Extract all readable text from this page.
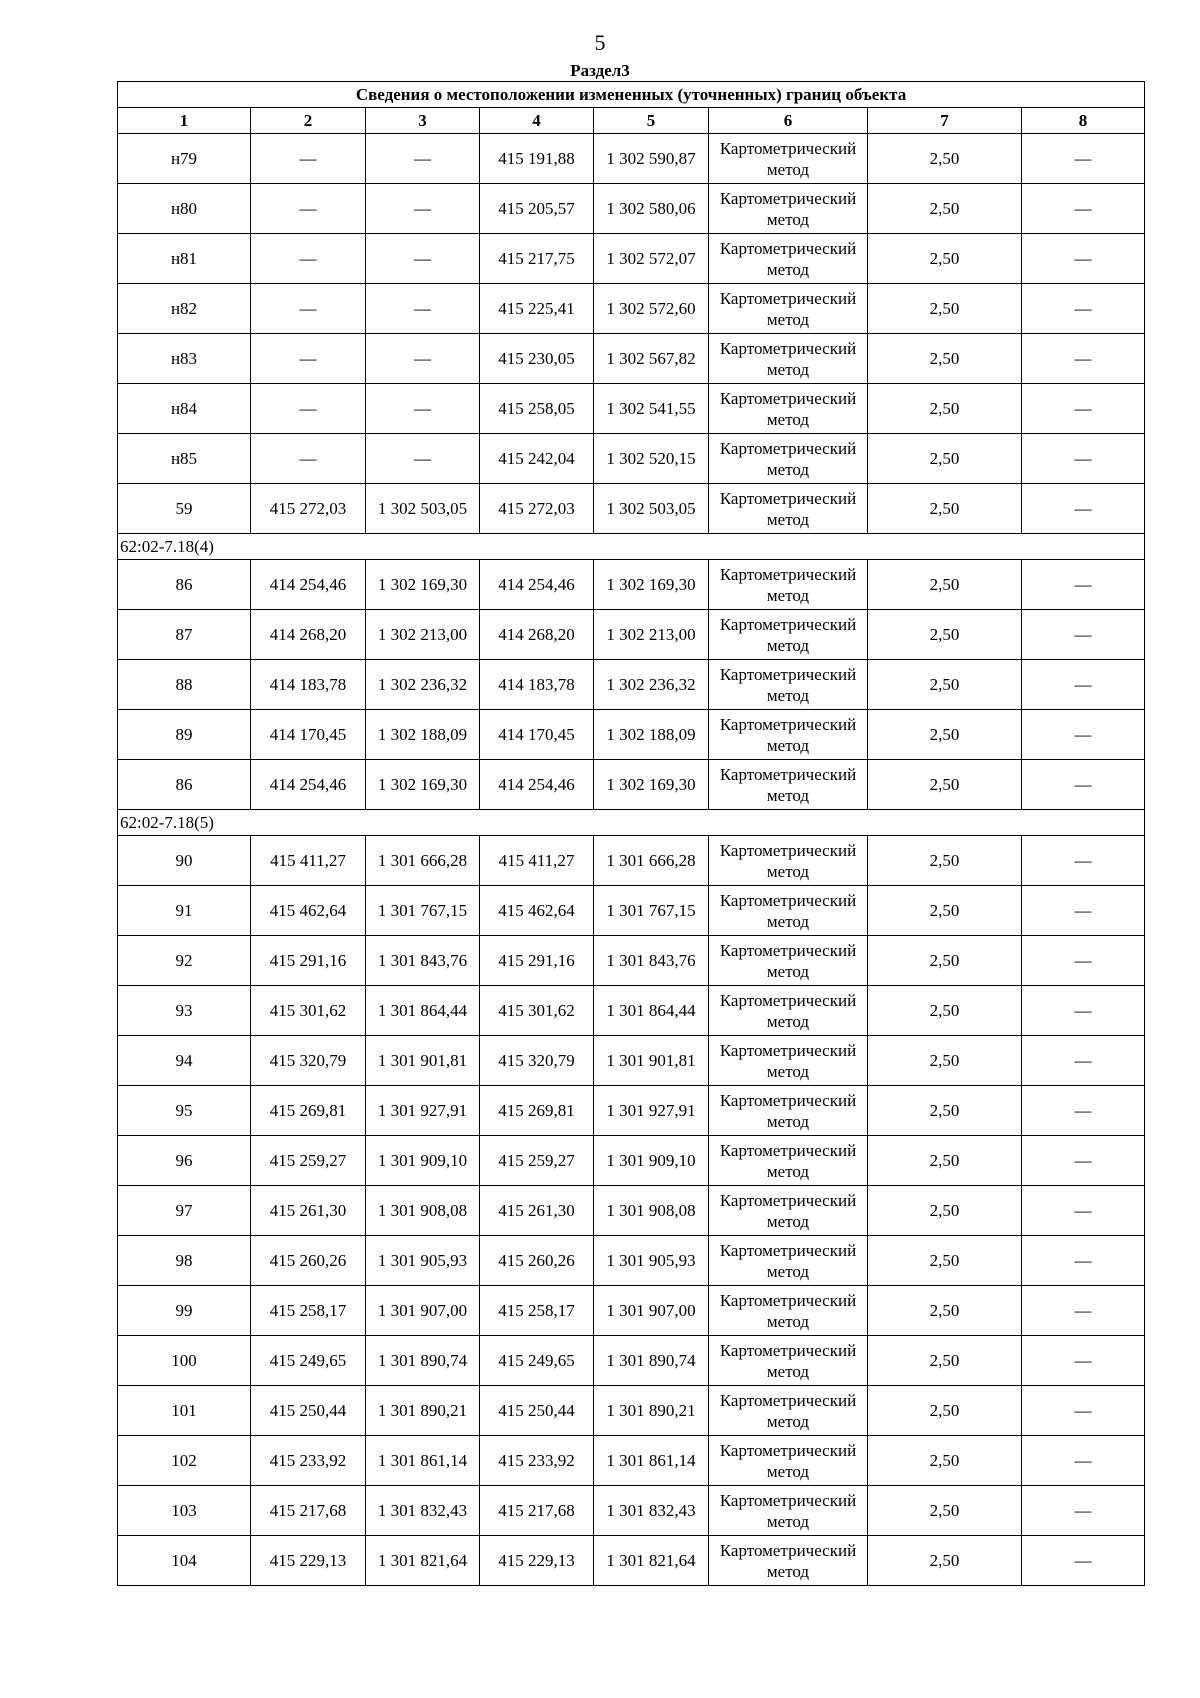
5
Раздел3
Сведения о местоположении измененных (уточненных) границ объекта							
1	2	3	4	5	6	7	8
н79	—	—	415 191,88	1 302 590,87	Картометрический метод	2,50	—
н80	—	—	415 205,57	1 302 580,06	Картометрический метод	2,50	—
н81	—	—	415 217,75	1 302 572,07	Картометрический метод	2,50	—
н82	—	—	415 225,41	1 302 572,60	Картометрический метод	2,50	—
н83	—	—	415 230,05	1 302 567,82	Картометрический метод	2,50	—
н84	—	—	415 258,05	1 302 541,55	Картометрический метод	2,50	—
н85	—	—	415 242,04	1 302 520,15	Картометрический метод	2,50	—
59	415 272,03	1 302 503,05	415 272,03	1 302 503,05	Картометрический метод	2,50	—
62:02-7.18(4)							
86	414 254,46	1 302 169,30	414 254,46	1 302 169,30	Картометрический метод	2,50	—
87	414 268,20	1 302 213,00	414 268,20	1 302 213,00	Картометрический метод	2,50	—
88	414 183,78	1 302 236,32	414 183,78	1 302 236,32	Картометрический метод	2,50	—
89	414 170,45	1 302 188,09	414 170,45	1 302 188,09	Картометрический метод	2,50	—
86	414 254,46	1 302 169,30	414 254,46	1 302 169,30	Картометрический метод	2,50	—
62:02-7.18(5)							
90	415 411,27	1 301 666,28	415 411,27	1 301 666,28	Картометрический метод	2,50	—
91	415 462,64	1 301 767,15	415 462,64	1 301 767,15	Картометрический метод	2,50	—
92	415 291,16	1 301 843,76	415 291,16	1 301 843,76	Картометрический метод	2,50	—
93	415 301,62	1 301 864,44	415 301,62	1 301 864,44	Картометрический метод	2,50	—
94	415 320,79	1 301 901,81	415 320,79	1 301 901,81	Картометрический метод	2,50	—
95	415 269,81	1 301 927,91	415 269,81	1 301 927,91	Картометрический метод	2,50	—
96	415 259,27	1 301 909,10	415 259,27	1 301 909,10	Картометрический метод	2,50	—
97	415 261,30	1 301 908,08	415 261,30	1 301 908,08	Картометрический метод	2,50	—
98	415 260,26	1 301 905,93	415 260,26	1 301 905,93	Картометрический метод	2,50	—
99	415 258,17	1 301 907,00	415 258,17	1 301 907,00	Картометрический метод	2,50	—
100	415 249,65	1 301 890,74	415 249,65	1 301 890,74	Картометрический метод	2,50	—
101	415 250,44	1 301 890,21	415 250,44	1 301 890,21	Картометрический метод	2,50	—
102	415 233,92	1 301 861,14	415 233,92	1 301 861,14	Картометрический метод	2,50	—
103	415 217,68	1 301 832,43	415 217,68	1 301 832,43	Картометрический метод	2,50	—
104	415 229,13	1 301 821,64	415 229,13	1 301 821,64	Картометрический метод	2,50	—
